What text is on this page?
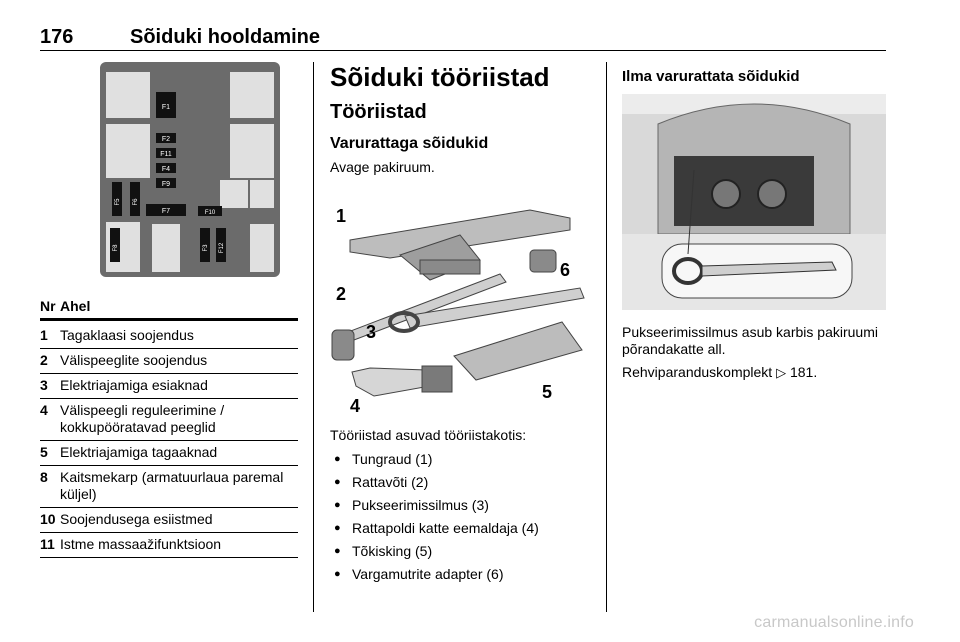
176	Sõiduki hooldamine
F1
F2
F11
F4
F9
F5 F6
F7	F10
F8	F3 F12
Nr Ahel
1 Tagaklaasi soojendus
2 Välispeeglite soojendus
3 Elektriajamiga esiaknad
4 Välispeegli reguleerimine / kokkupööratavad peeglid
5 Elektriajamiga tagaaknad
8 Kaitsmekarp (armatuurlaua paremal küljel)
10 Soojendusega esiistmed
11 Istme massaažifunktsioon
Sõiduki tööriistad
Tööriistad
Varurattaga sõidukid

Avage pakiruum.

1
2
3
4
5
6
Tööriistad asuvad tööriistakotis:
● Tungraud (1)
● Rattavõti (2)
● Pukseerimissilmus (3)
● Rattapoldi katte eemaldaja (4)
● Tõkisking (5)
● Vargamutrite adapter (6)
Ilma varurattata sõidukid
Pukseerimissilmus asub karbis pakiruumi põrandakatte all.
Rehviparanduskomplekt ▷ 181.
carmanualsonline.info
